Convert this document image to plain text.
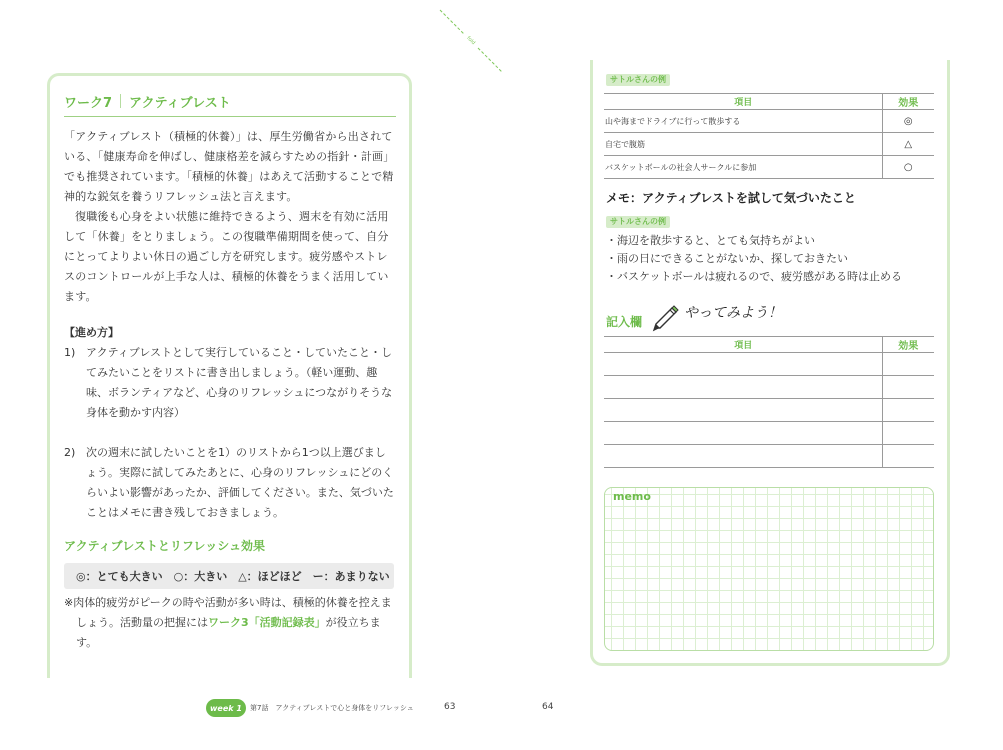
fold
ワーク7 アクティブレスト

「アクティブレスト（積極的休養）」は、厚生労働省から出されている、「健康寿命を伸ばし、健康格差を減らすための指針・計画」でも推奨されています。「積極的休養」はあえて活動することで精神的な鋭気を養うリフレッシュ法と言えます。

復職後も心身をよい状態に維持できるよう、週末を有効に活用して「休養」をとりましょう。この復職準備期間を使って、自分にとってよりよい休日の過ごし方を研究します。疲労感やストレスのコントロールが上手な人は、積極的休養をうまく活用しています。

【進め方】
1) アクティブレストとして実行していること・していたこと・してみたいことをリストに書き出しましょう。（軽い運動、趣味、ボランティアなど、心身のリフレッシュにつながりそうな身体を動かす内容）
2) 次の週末に試したいことを1）のリストから1つ以上選びましょう。実際に試してみたあとに、心身のリフレッシュにどのくらいよい影響があったか、評価してください。また、気づいたことはメモに書き残しておきましょう。
アクティブレストとリフレッシュ効果
◎：とても大きい　○：大きい　△：ほどほど　ー：あまりない

※肉体的疲労がピークの時や活動が多い時は、積極的休養を控えましょう。活動量の把握にはワーク3「活動記録表」が役立ちます。

week 1	第7話　アクティブレストで心と身体をリフレッシュ	63	64
サトルさんの例
項目	効果
山や海までドライブに行って散歩する	◎
自宅で腹筋	△
バスケットボールの社会人サークルに参加	○
メモ：アクティブレストを試して気づいたこと
サトルさんの例
・海辺を散歩すると、とても気持ちがよい
・雨の日にできることがないか、探しておきたい
・バスケットボールは疲れるので、疲労感がある時は止める
記入欄
やってみよう！
項目	効果

memo
